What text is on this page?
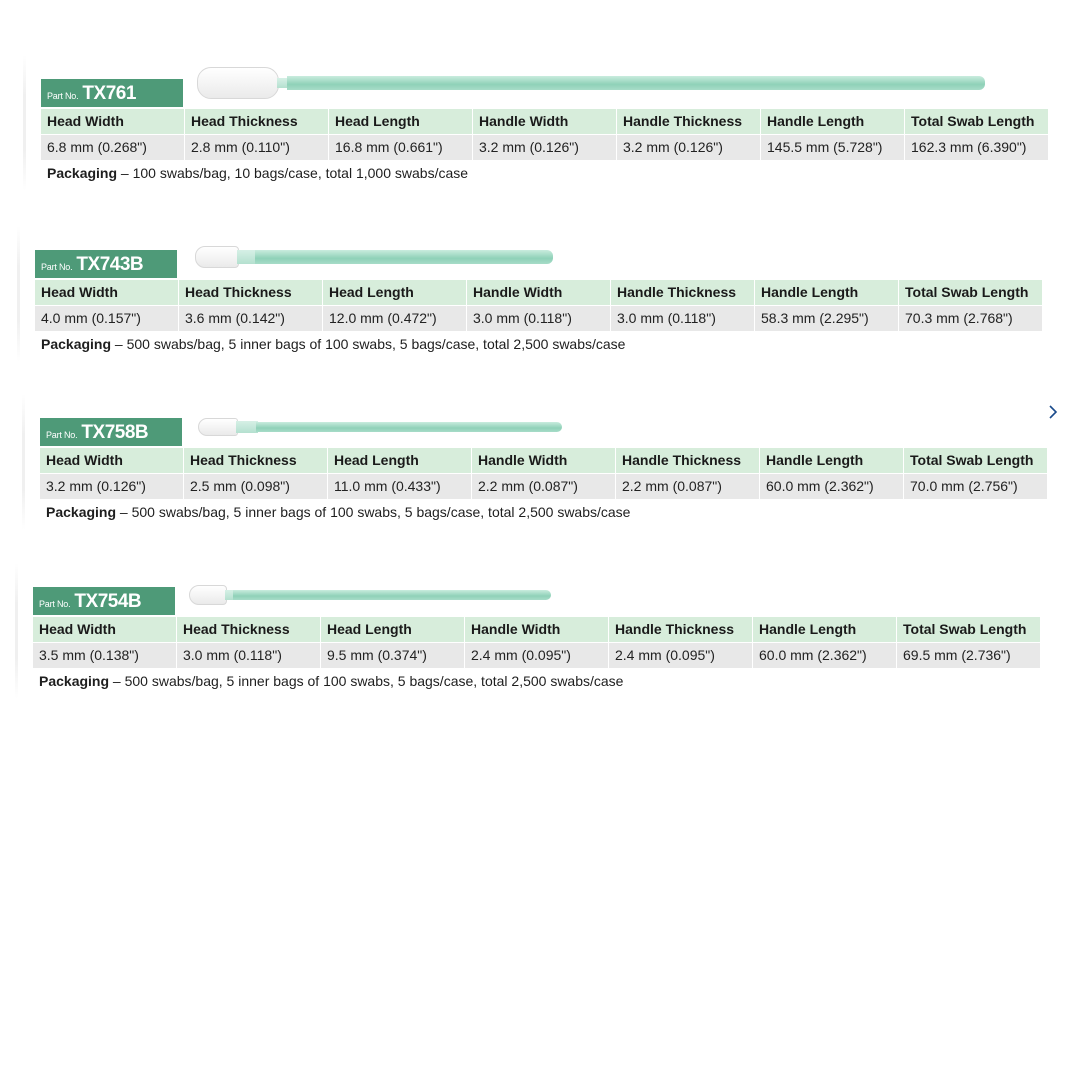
Part No. TX761
Head Width	Head Thickness	Head Length	Handle Width	Handle Thickness	Handle Length	Total Swab Length
6.8 mm (0.268")	2.8 mm (0.110")	16.8 mm (0.661")	3.2 mm (0.126")	3.2 mm (0.126")	145.5 mm (5.728")	162.3 mm (6.390")
Packaging – 100 swabs/bag, 10 bags/case, total 1,000 swabs/case
Part No. TX743B
Head Width	Head Thickness	Head Length	Handle Width	Handle Thickness	Handle Length	Total Swab Length
4.0 mm (0.157")	3.6 mm (0.142")	12.0 mm (0.472")	3.0 mm (0.118")	3.0 mm (0.118")	58.3 mm (2.295")	70.3 mm (2.768")
Packaging – 500 swabs/bag, 5 inner bags of 100 swabs, 5 bags/case, total 2,500 swabs/case
Part No. TX758B
Head Width	Head Thickness	Head Length	Handle Width	Handle Thickness	Handle Length	Total Swab Length
3.2 mm (0.126")	2.5 mm (0.098")	11.0 mm (0.433")	2.2 mm (0.087")	2.2 mm (0.087")	60.0 mm (2.362")	70.0 mm (2.756")
Packaging – 500 swabs/bag, 5 inner bags of 100 swabs, 5 bags/case, total 2,500 swabs/case
Part No. TX754B
Head Width	Head Thickness	Head Length	Handle Width	Handle Thickness	Handle Length	Total Swab Length
3.5 mm (0.138")	3.0 mm (0.118")	9.5 mm (0.374")	2.4 mm (0.095")	2.4 mm (0.095")	60.0 mm (2.362")	69.5 mm (2.736")
Packaging – 500 swabs/bag, 5 inner bags of 100 swabs, 5 bags/case, total 2,500 swabs/case
